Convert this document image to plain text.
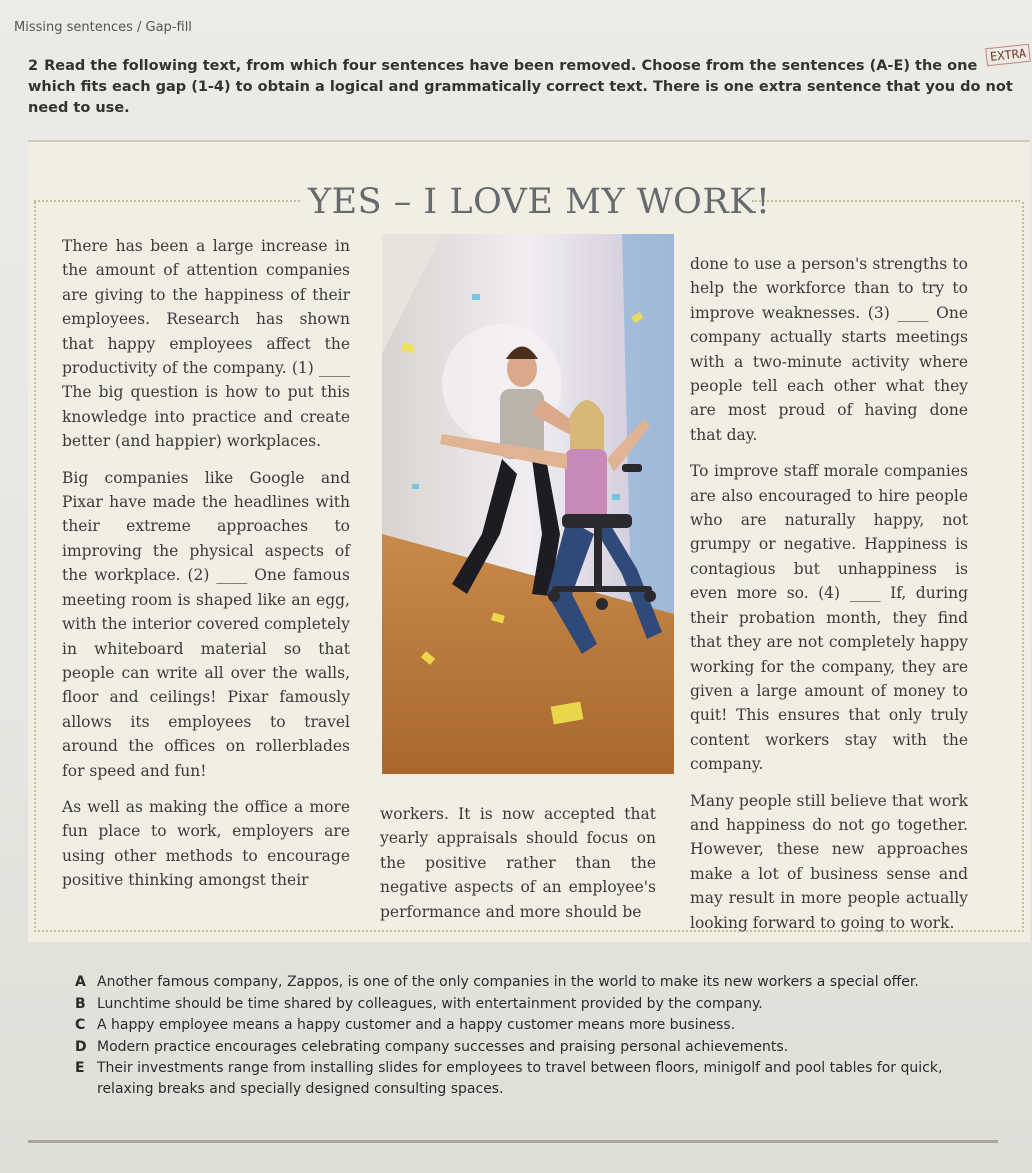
Missing sentences / Gap-fill
EXTRA
2 Read the following text, from which four sentences have been removed. Choose from the sentences (A-E) the one which fits each gap (1-4) to obtain a logical and grammatically correct text. There is one extra sentence that you do not need to use.
YES – I LOVE MY WORK!

There has been a large increase in the amount of attention companies are giving to the happiness of their employees. Research has shown that happy employees affect the productivity of the company. (1) ____ The big question is how to put this knowledge into practice and create better (and happier) workplaces.

Big companies like Google and Pixar have made the headlines with their extreme approaches to improving the physical aspects of the workplace. (2) ____ One famous meeting room is shaped like an egg, with the interior covered completely in whiteboard material so that people can write all over the walls, floor and ceilings! Pixar famously allows its employees to travel around the offices on rollerblades for speed and fun!

As well as making the office a more fun place to work, employers are using other methods to encourage positive thinking amongst their

workers. It is now accepted that yearly appraisals should focus on the positive rather than the negative aspects of an employee's performance and more should be

done to use a person's strengths to help the workforce than to try to improve weaknesses. (3) ____ One company actually starts meetings with a two-minute activity where people tell each other what they are most proud of having done that day.

To improve staff morale companies are also encouraged to hire people who are naturally happy, not grumpy or negative. Happiness is contagious but unhappiness is even more so. (4) ____ If, during their probation month, they find that they are not completely happy working for the company, they are given a large amount of money to quit! This ensures that only truly content workers stay with the company.

Many people still believe that work and happiness do not go together. However, these new approaches make a lot of business sense and may result in more people actually looking forward to going to work.

A Another famous company, Zappos, is one of the only companies in the world to make its new workers a special offer.
B Lunchtime should be time shared by colleagues, with entertainment provided by the company.
C A happy employee means a happy customer and a happy customer means more business.
D Modern practice encourages celebrating company successes and praising personal achievements.
E Their investments range from installing slides for employees to travel between floors, minigolf and pool tables for quick, relaxing breaks and specially designed consulting spaces.
